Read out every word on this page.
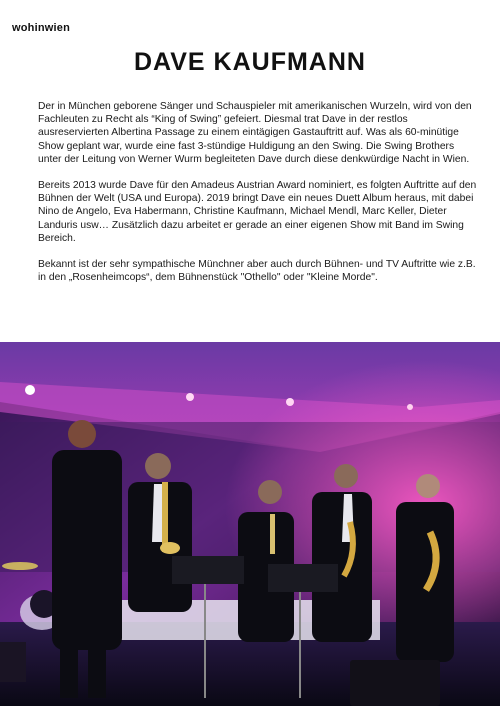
wohinwien
DAVE KAUFMANN

Der in München geborene Sänger und Schauspieler mit amerikanischen Wurzeln, wird von den Fachleuten zu Recht als “King of Swing” gefeiert. Diesmal trat Dave in der restlos ausreservierten Albertina Passage zu einem eintägigen Gastauftritt auf. Was als 60-minütige Show geplant war, wurde eine fast 3-stündige Huldigung an den Swing. Die Swing Brothers unter der Leitung von Werner Wurm begleiteten Dave durch diese denkwürdige Nacht in Wien.

Bereits 2013 wurde Dave für den Amadeus Austrian Award nominiert, es folgten Auftritte auf den Bühnen der Welt (USA und Europa). 2019 bringt Dave ein neues Duett Album heraus, mit dabei Nino de Angelo, Eva Habermann, Christine Kaufmann, Michael Mendl, Marc Keller, Dieter Landuris usw… Zusätzlich dazu arbeitet er gerade an einer eigenen Show mit Band im Swing Bereich.

Bekannt ist der sehr sympathische Münchner aber auch durch Bühnen- und TV Auftritte wie z.B. in den „Rosenheimcops“, dem Bühnenstück "Othello" oder "Kleine Morde".
